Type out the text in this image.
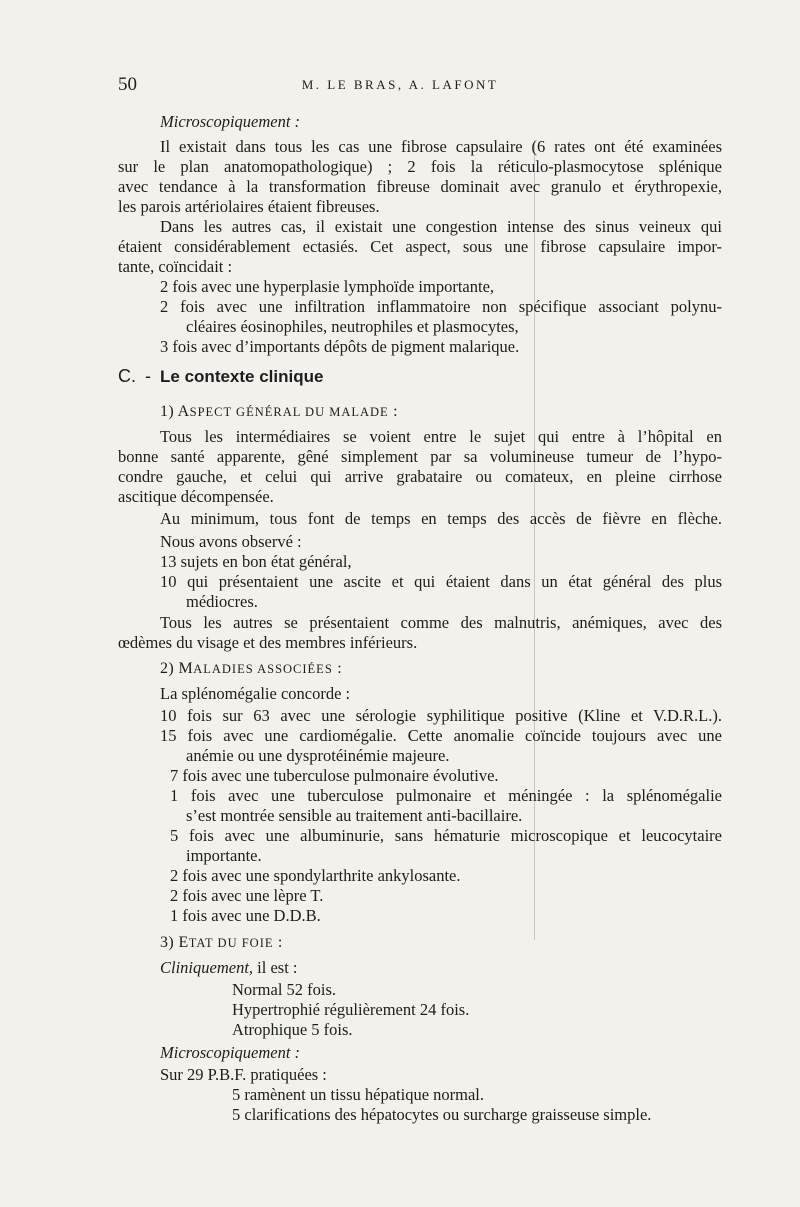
50	M. LE BRAS, A. LAFONT
Microscopiquement :
Il existait dans tous les cas une fibrose capsulaire (6 rates ont été examinées
sur le plan anatomopathologique) ; 2 fois la réticulo-plasmocytose splénique
avec tendance à la transformation fibreuse dominait avec granulo et érythropexie,
les parois artériolaires étaient fibreuses.
Dans les autres cas, il existait une congestion intense des sinus veineux qui
étaient considérablement ectasiés. Cet aspect, sous une fibrose capsulaire impor-
tante, coïncidait :
2 fois avec une hyperplasie lymphoïde importante,
2 fois avec une infiltration inflammatoire non spécifique associant polynu-
cléaires éosinophiles, neutrophiles et plasmocytes,
3 fois avec d’importants dépôts de pigment malarique.
C. - Le contexte clinique
1) ASPECT GÉNÉRAL DU MALADE :
Tous les intermédiaires se voient entre le sujet qui entre à l’hôpital en
bonne santé apparente, gêné simplement par sa volumineuse tumeur de l’hypo-
condre gauche, et celui qui arrive grabataire ou comateux, en pleine cirrhose
ascitique décompensée.
Au minimum, tous font de temps en temps des accès de fièvre en flèche.
Nous avons observé :
13 sujets en bon état général,
10 qui présentaient une ascite et qui étaient dans un état général des plus
médiocres.
Tous les autres se présentaient comme des malnutris, anémiques, avec des
œdèmes du visage et des membres inférieurs.
2) MALADIES ASSOCIÉES :
La splénomégalie concorde :
10 fois sur 63 avec une sérologie syphilitique positive (Kline et V.D.R.L.).
15 fois avec une cardiomégalie. Cette anomalie coïncide toujours avec une
anémie ou une dysprotéinémie majeure.
7 fois avec une tuberculose pulmonaire évolutive.
1 fois avec une tuberculose pulmonaire et méningée : la splénomégalie
s’est montrée sensible au traitement anti-bacillaire.
5 fois avec une albuminurie, sans hématurie microscopique et leucocytaire
importante.
2 fois avec une spondylarthrite ankylosante.
2 fois avec une lèpre T.
1 fois avec une D.D.B.
3) ETAT DU FOIE :
Cliniquement, il est :
Normal 52 fois.
Hypertrophié régulièrement 24 fois.
Atrophique 5 fois.
Microscopiquement :
Sur 29 P.B.F. pratiquées :
5 ramènent un tissu hépatique normal.
5 clarifications des hépatocytes ou surcharge graisseuse simple.
